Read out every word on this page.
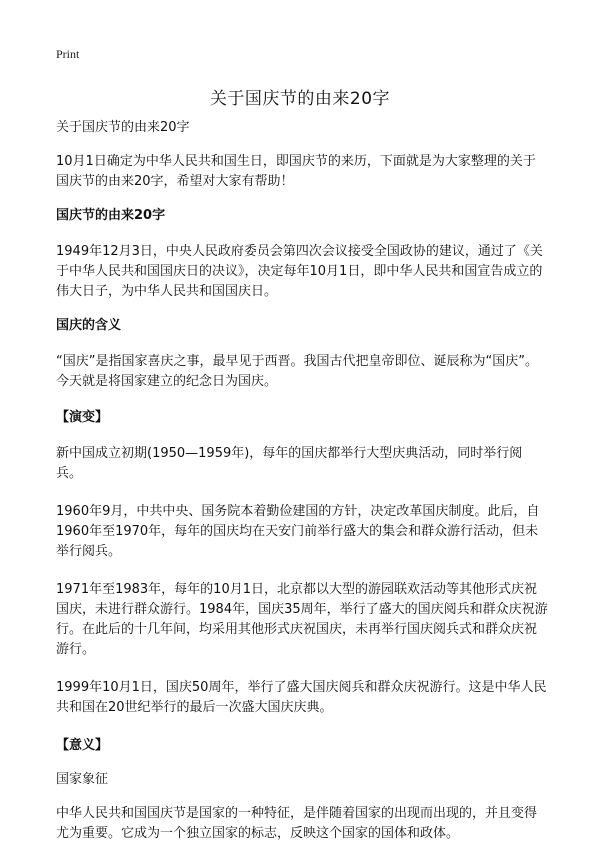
Print
关于国庆节的由来20字

关于国庆节的由来20字

10月1日确定为中华人民共和国生日，即国庆节的来历，下面就是为大家整理的关于国庆节的由来20字，希望对大家有帮助！

国庆节的由来20字

1949年12月3日，中央人民政府委员会第四次会议接受全国政协的建议，通过了《关于中华人民共和国国庆日的决议》，决定每年10月1日，即中华人民共和国宣告成立的伟大日子，为中华人民共和国国庆日。

国庆的含义

“国庆”是指国家喜庆之事，最早见于西晋。我国古代把皇帝即位、诞辰称为“国庆”。今天就是将国家建立的纪念日为国庆。

【演变】

新中国成立初期(1950—1959年)，每年的国庆都举行大型庆典活动，同时举行阅兵。

1960年9月，中共中央、国务院本着勤俭建国的方针，决定改革国庆制度。此后，自1960年至1970年，每年的国庆均在天安门前举行盛大的集会和群众游行活动，但未举行阅兵。

1971年至1983年，每年的10月1日，北京都以大型的游园联欢活动等其他形式庆祝国庆，未进行群众游行。1984年，国庆35周年，举行了盛大的国庆阅兵和群众庆祝游行。在此后的十几年间，均采用其他形式庆祝国庆，未再举行国庆阅兵式和群众庆祝游行。

1999年10月1日，国庆50周年，举行了盛大国庆阅兵和群众庆祝游行。这是中华人民共和国在20世纪举行的最后一次盛大国庆庆典。

【意义】

国家象征

中华人民共和国国庆节是国家的一种特征，是伴随着国家的出现而出现的，并且变得尤为重要。它成为一个独立国家的标志，反映这个国家的国体和政体。
